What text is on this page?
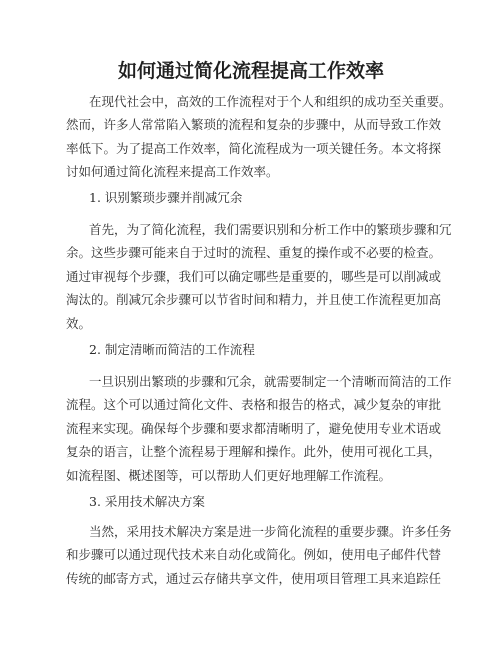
如何通过简化流程提高工作效率
在现代社会中，高效的工作流程对于个人和组织的成功至关重要。
然而，许多人常常陷入繁琐的流程和复杂的步骤中，从而导致工作效
率低下。为了提高工作效率，简化流程成为一项关键任务。本文将探
讨如何通过简化流程来提高工作效率。
1. 识别繁琐步骤并削减冗余
首先，为了简化流程，我们需要识别和分析工作中的繁琐步骤和冗
余。这些步骤可能来自于过时的流程、重复的操作或不必要的检查。
通过审视每个步骤，我们可以确定哪些是重要的，哪些是可以削减或
淘汰的。削减冗余步骤可以节省时间和精力，并且使工作流程更加高
效。
2. 制定清晰而简洁的工作流程
一旦识别出繁琐的步骤和冗余，就需要制定一个清晰而简洁的工作
流程。这个可以通过简化文件、表格和报告的格式，减少复杂的审批
流程来实现。确保每个步骤和要求都清晰明了，避免使用专业术语或
复杂的语言，让整个流程易于理解和操作。此外，使用可视化工具，
如流程图、概述图等，可以帮助人们更好地理解工作流程。
3. 采用技术解决方案
当然，采用技术解决方案是进一步简化流程的重要步骤。许多任务
和步骤可以通过现代技术来自动化或简化。例如，使用电子邮件代替
传统的邮寄方式，通过云存储共享文件，使用项目管理工具来追踪任
